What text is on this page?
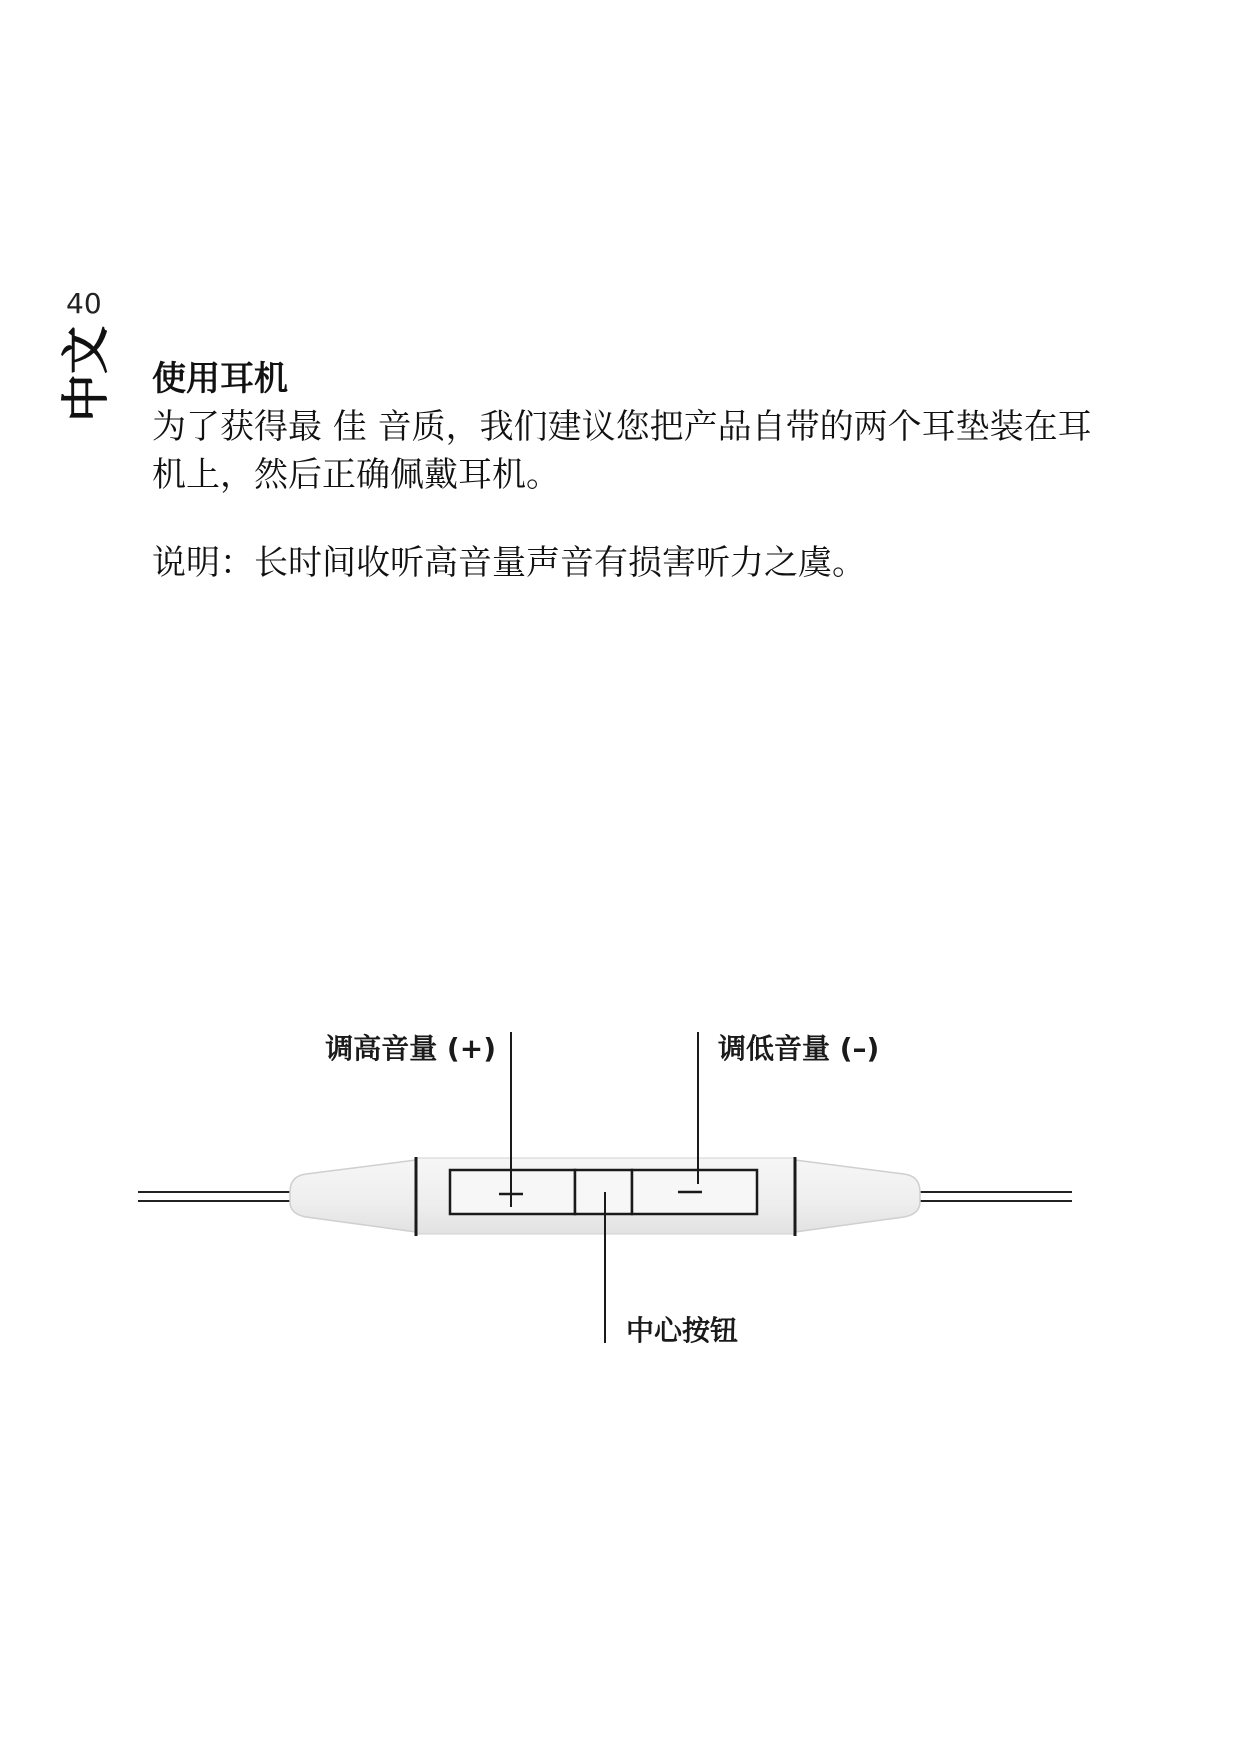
40
中文 使用耳机

为了获得最 佳 音质，我们建议您把产品自带的两个耳垫装在耳

机上，然后正确佩戴耳机。

说明：长时间收听高音量声音有损害听力之虞。

调高音量 (+)	调低音量 (–)
中心按钮
